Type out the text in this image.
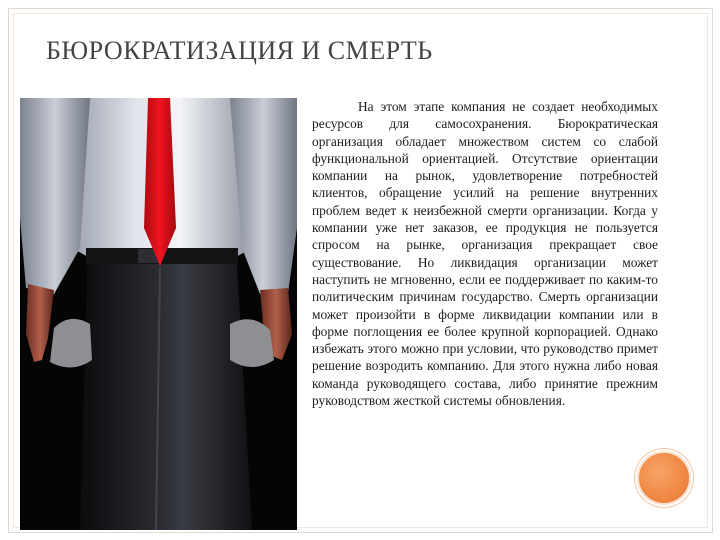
БЮРОКРАТИЗАЦИЯ И СМЕРТЬ
На этом этапе компания не создает необходимых ресурсов для самосохранения. Бюрократическая организация обладает множеством систем со слабой функциональной ориентацией. Отсутствие ориентации компании на рынок, удовлетворение потребностей клиентов, обращение усилий на решение внутренних проблем ведет к неизбежной смерти организации. Когда у компании уже нет заказов, ее продукция не пользуется спросом на рынке, организация прекращает свое существование. Но ликвидация организации может наступить не мгновенно, если ее поддерживает по каким-то политическим причинам государство. Смерть организации может произойти в форме ликвидации компании или в форме поглощения ее более крупной корпорацией. Однако избежать этого можно при условии, что руководство примет решение возродить компанию. Для этого нужна либо новая команда руководящего состава, либо принятие прежним руководством жесткой системы обновления.
